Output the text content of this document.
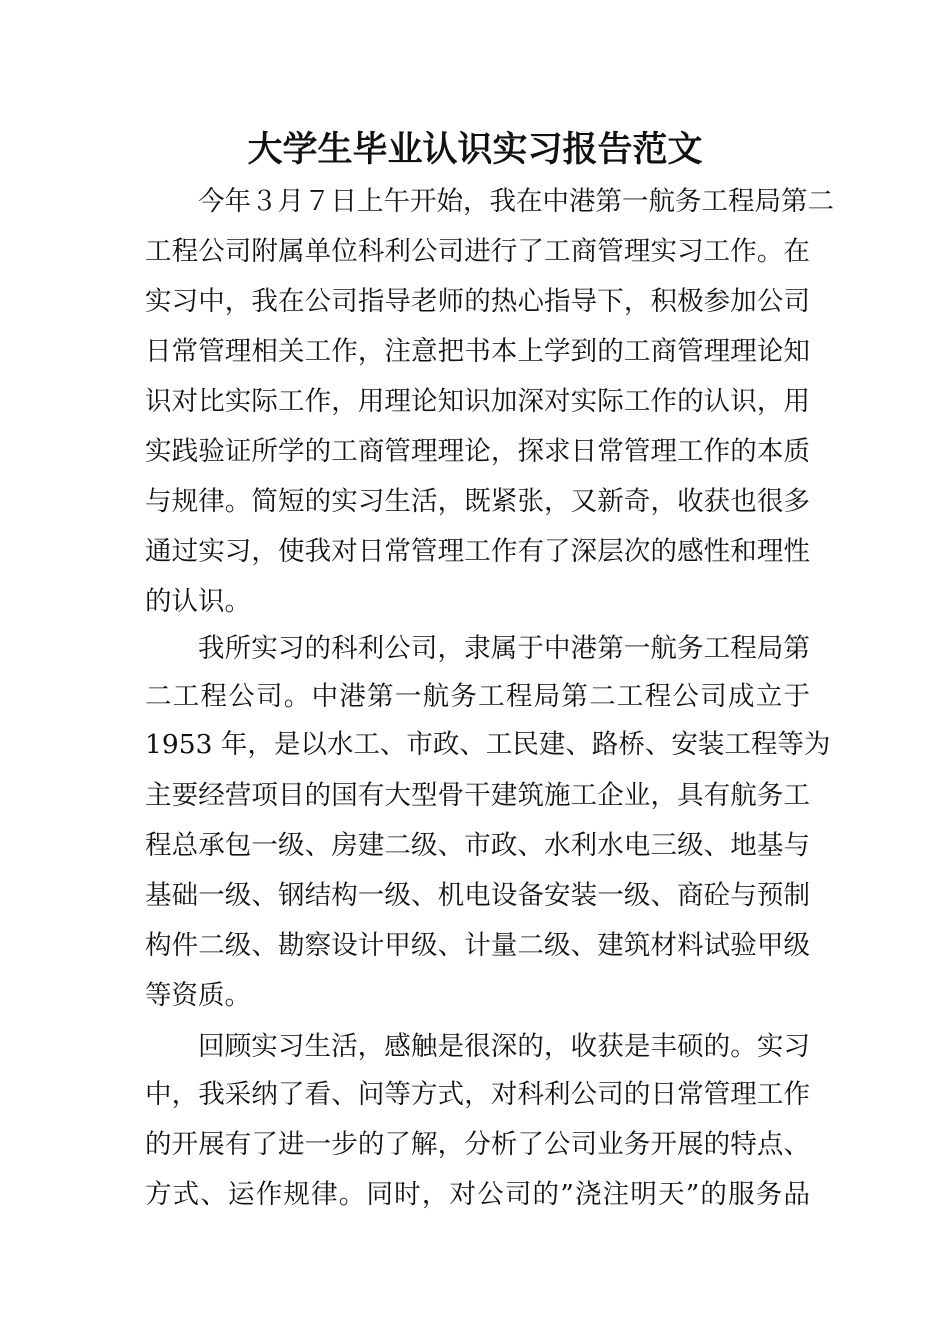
大学生毕业认识实习报告范文
今年３月７日上午开始，我在中港第一航务工程局第二
工程公司附属单位科利公司进行了工商管理实习工作。在
实习中，我在公司指导老师的热心指导下，积极参加公司
日常管理相关工作，注意把书本上学到的工商管理理论知
识对比实际工作，用理论知识加深对实际工作的认识，用
实践验证所学的工商管理理论，探求日常管理工作的本质
与规律。简短的实习生活，既紧张，又新奇，收获也很多
通过实习，使我对日常管理工作有了深层次的感性和理性
的认识。
我所实习的科利公司，隶属于中港第一航务工程局第
二工程公司。中港第一航务工程局第二工程公司成立于
1953 年，是以水工、市政、工民建、路桥、安装工程等为
主要经营项目的国有大型骨干建筑施工企业，具有航务工
程总承包一级、房建二级、市政、水利水电三级、地基与
基础一级、钢结构一级、机电设备安装一级、商砼与预制
构件二级、勘察设计甲级、计量二级、建筑材料试验甲级
等资质。
回顾实习生活，感触是很深的，收获是丰硕的。实习
中，我采纳了看、问等方式，对科利公司的日常管理工作
的开展有了进一步的了解，分析了公司业务开展的特点、
方式、运作规律。同时，对公司的”浇注明天”的服务品
